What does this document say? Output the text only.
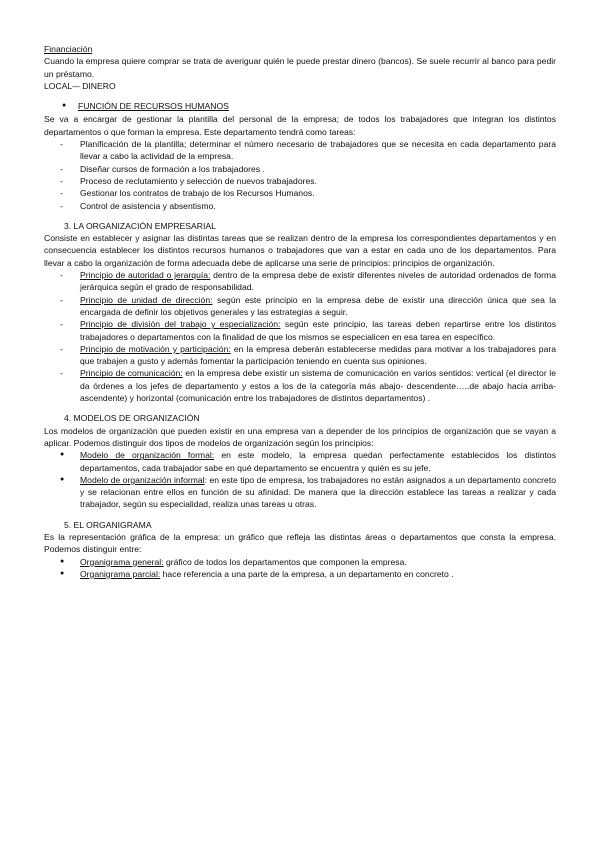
Financiación

Cuando la empresa quiere comprar se trata de averiguar quién le puede prestar dinero (bancos). Se suele recurrir al banco para pedir un préstamo.

LOCAL-– DINERO

● FUNCIÓN DE RECURSOS HUMANOS

Se va a encargar de gestionar la plantilla del personal de la empresa; de todos los trabajadores que integran los distintos departamentos o que forman la empresa. Este departamento tendrá como tareas:

- Planificación de la plantilla; determinar el número necesario de trabajadores que se necesita en cada departamento para llevar a cabo la actividad de la empresa.
- Diseñar cursos de formación a los trabajadores .
- Proceso de reclutamiento y selección de nuevos trabajadores.
- Gestionar los contratos de trabajo de los Recursos Humanos.
- Control de asistencia y absentismo.

3. LA ORGANIZACIÓN EMPRESARIAL

Consiste en establecer y asignar las distintas tareas que se realizan dentro de la empresa los correspondientes departamentos y en consecuencia establecer los distintos recursos humanos o trabajadores que van a estar en cada uno de los departamentos. Para llevar a cabo la organización de forma adecuada debe de aplicarse una serie de principios: principios de organización.

- Principio de autoridad o jerarquía: dentro de la empresa debe de existir diferentes niveles de autoridad ordenados de forma jerárquica según el grado de responsabilidad.
- Principio de unidad de dirección: según este principio en la empresa debe de existir una dirección única que sea la encargada de definir los objetivos generales y las estrategias a seguir.
- Principio de división del trabajo y especialización: según este principio, las tareas deben repartirse entre los distintos trabajadores o departamentos con la finalidad de que los mismos se especialicen en esa tarea en específico.
- Principio de motivación y participación: en la empresa deberán establecerse medidas para motivar a los trabajadores para que trabajen a gusto y además fomentar la participación teniendo en cuenta sus opiniones.
- Principio de comunicación: en la empresa debe existir un sistema de comunicación en varios sentidos: vertical (el director le da órdenes a los jefes de departamento y estos a los de la categoría más abajo- descendente…..de abajo hacia arriba-ascendente) y horizontal (comunicación entre los trabajadores de distintos departamentos) .

4. MODELOS DE ORGANIZACIÓN

Los modelos de organización que pueden existir en una empresa van a depender de los principios de organización que se vayan a aplicar. Podemos distinguir dos tipos de modelos de organización según los principios:

● Modelo de organización formal: en este modelo, la empresa quedan perfectamente establecidos los distintos departamentos, cada trabajador sabe en qué departamento se encuentra y quién es su jefe.
● Modelo de organización informal: en este tipo de empresa, los trabajadores no están asignados a un departamento concreto y se relacionan entre ellos en función de su afinidad. De manera que la dirección establece las tareas a realizar y cada trabajador, según su especialidad, realiza unas tareas u otras.

5. EL ORGANIGRAMA

Es la representación gráfica de la empresa: un gráfico que refleja las distintas áreas o departamentos que consta la empresa. Podemos distinguir entre:

● Organigrama general: gráfico de todos los departamentos que componen la empresa.
● Organigrama parcial: hace referencia a una parte de la empresa, a un departamento en concreto .
